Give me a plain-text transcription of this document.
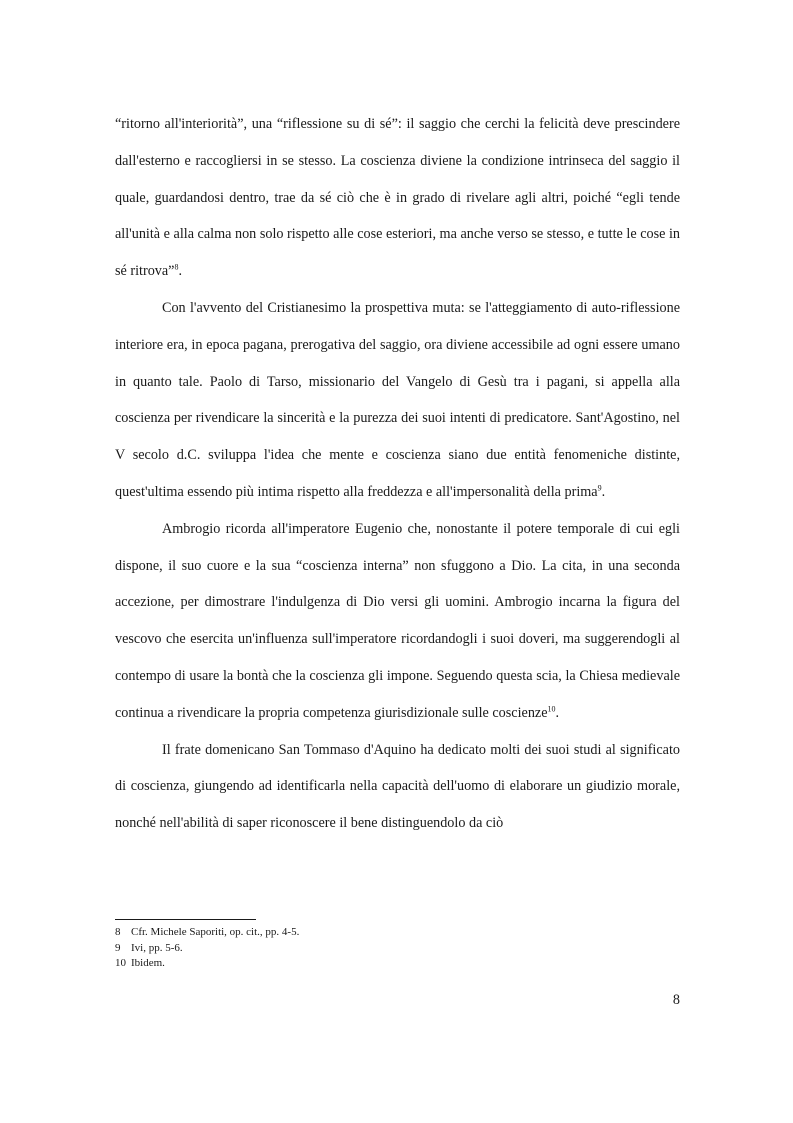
“ritorno all'interiorità”, una “riflessione su di sé”: il saggio che cerchi la felicità deve prescindere dall'esterno e raccogliersi in se stesso. La coscienza diviene la condizione intrinseca del saggio il quale, guardandosi dentro, trae da sé ciò che è in grado di rivelare agli altri, poiché “egli tende all'unità e alla calma non solo rispetto alle cose esteriori, ma anche verso se stesso, e tutte le cose in sé ritrova”$^8$.

Con l'avvento del Cristianesimo la prospettiva muta: se l'atteggiamento di auto-riflessione interiore era, in epoca pagana, prerogativa del saggio, ora diviene accessibile ad ogni essere umano in quanto tale. Paolo di Tarso, missionario del Vangelo di Gesù tra i pagani, si appella alla coscienza per rivendicare la sincerità e la purezza dei suoi intenti di predicatore. Sant'Agostino, nel V secolo d.C. sviluppa l'idea che mente e coscienza siano due entità fenomeniche distinte, quest'ultima essendo più intima rispetto alla freddezza e all'impersonalità della prima$^9$.

Ambrogio ricorda all'imperatore Eugenio che, nonostante il potere temporale di cui egli dispone, il suo cuore e la sua “coscienza interna” non sfuggono a Dio. La cita, in una seconda accezione, per dimostrare l'indulgenza di Dio versi gli uomini. Ambrogio incarna la figura del vescovo che esercita un'influenza sull'imperatore ricordandogli i suoi doveri, ma suggerendogli al contempo di usare la bontà che la coscienza gli impone. Seguendo questa scia, la Chiesa medievale continua a rivendicare la propria competenza giurisdizionale sulle coscienze$^{10}$.

Il frate domenicano San Tommaso d'Aquino ha dedicato molti dei suoi studi al significato di coscienza, giungendo ad identificarla nella capacità dell'uomo di elaborare un giudizio morale, nonché nell'abilità di saper riconoscere il bene distinguendolo da ciò

8 Cfr. Michele Saporiti, op. cit., pp. 4-5.
9 Ivi, pp. 5-6.
10 Ibidem.
8
